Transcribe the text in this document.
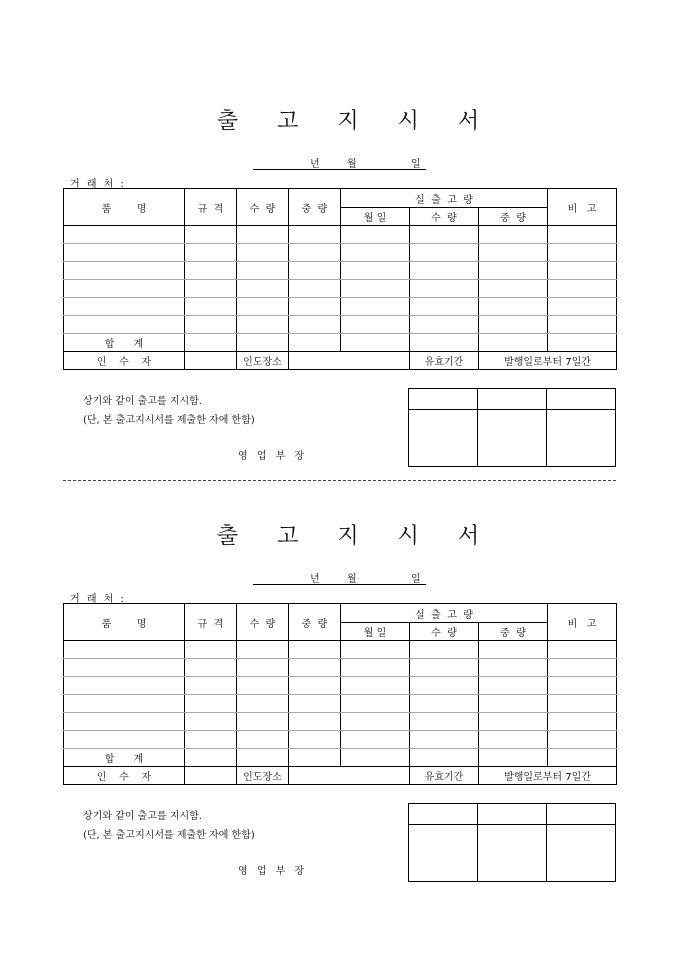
출 고 지 시 서
년	월	일
거 래 처 :
품        명	규  격	수  량	중  량	실  출  고  량			비   고
				월 일	수  량	중  량	

합      계							
인    수    자		인도장소			유효기간	발행일로부터 7일간	
상기와 같이 출고를 지시함.
(단, 본 출고지시서를 제출한 자에 한함)
영 업 부 장

출 고 지 시 서
년	월	일
거 래 처 :
품        명	규  격	수  량	중  량	실  출  고  량			비   고
				월 일	수  량	중  량	

합      계							
인    수    자		인도장소			유효기간	발행일로부터 7일간	
상기와 같이 출고를 지시함.
(단, 본 출고지시서를 제출한 자에 한함)
영 업 부 장
